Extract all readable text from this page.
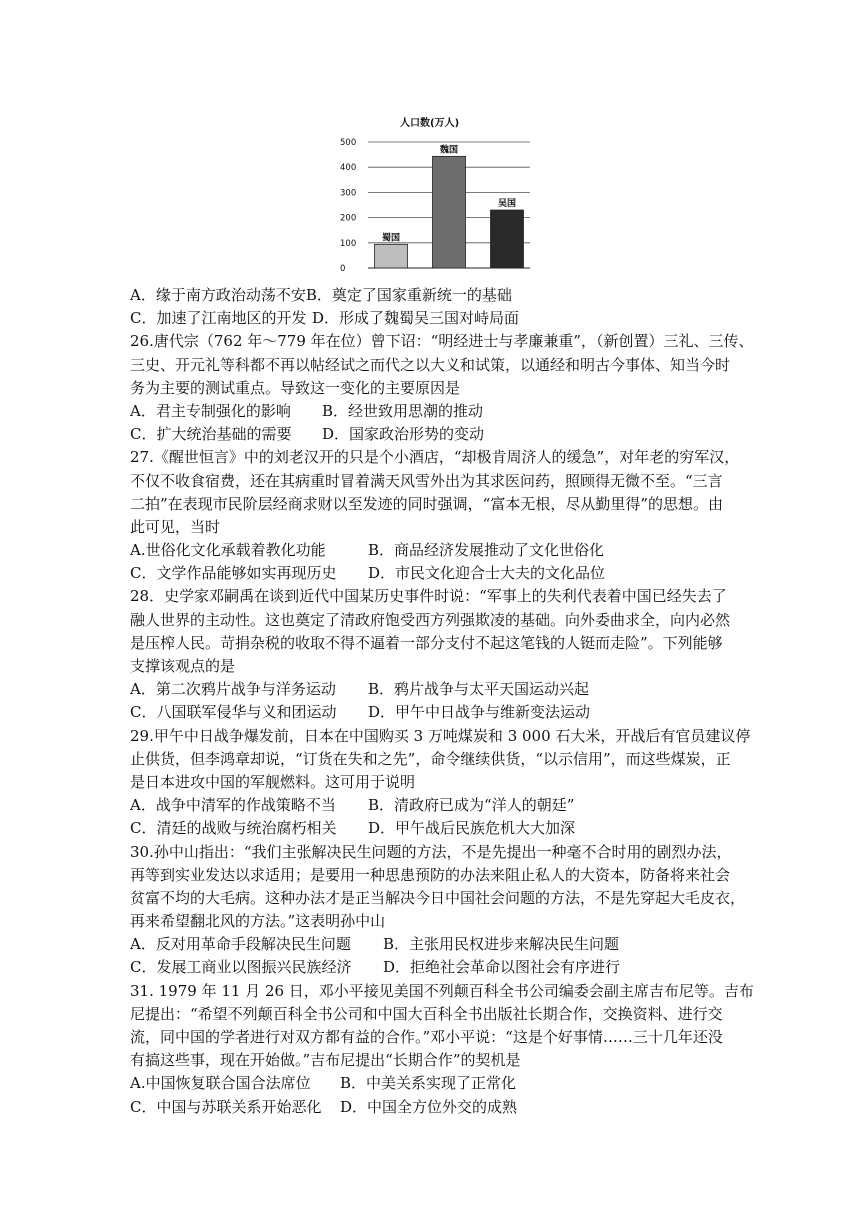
人口数(万人)
0
100
200
300
400
500
蜀国
魏国
吴国
A．缘于南方政治动荡不安B．奠定了国家重新统一的基础
C．加速了江南地区的开发 D．形成了魏蜀吴三国对峙局面
26.唐代宗（762 年～779 年在位）曾下诏：“明经进士与孝廉兼重”，（新创置）三礼、三传、
三史、开元礼等科都不再以帖经试之而代之以大义和试策，以通经和明古今事体、知当今时
务为主要的测试重点。导致这一变化的主要原因是
A．君主专制强化的影响 B．经世致用思潮的推动
C．扩大统治基础的需要 D．国家政治形势的变动
27.《醒世恒言》中的刘老汉开的只是个小酒店，“却极肯周济人的缓急”，对年老的穷军汉，
不仅不收食宿费，还在其病重时冒着满天风雪外出为其求医问药，照顾得无微不至。“三言
二拍”在表现市民阶层经商求财以至发迹的同时强调，“富本无根，尽从勤里得”的思想。由
此可见，当时
A.世俗化文化承载着教化功能	B．商品经济发展推动了文化世俗化
C．文学作品能够如实再现历史 D．市民文化迎合士大夫的文化品位
28．史学家邓嗣禹在谈到近代中国某历史事件时说：“军事上的失利代表着中国已经失去了
融人世界的主动性。这也奠定了清政府饱受西方列强欺凌的基础。向外委曲求全，向内必然
是压榨人民。苛捐杂税的收取不得不逼着一部分支付不起这笔钱的人铤而走险”。下列能够
支撑该观点的是
A．第二次鸦片战争与洋务运动 B．鸦片战争与太平天国运动兴起
C．八国联军侵华与义和团运动 D．甲午中日战争与维新变法运动
29.甲午中日战争爆发前，日本在中国购买 3 万吨煤炭和 3 000 石大米，开战后有官员建议停
止供货，但李鸿章却说，“订货在失和之先”，命令继续供货，“以示信用”，而这些煤炭，正
是日本进攻中国的军舰燃料。这可用于说明
A．战争中清军的作战策略不当 B．清政府已成为“洋人的朝廷”
C．清廷的战败与统治腐朽相关 D．甲午战后民族危机大大加深
30.孙中山指出：“我们主张解决民生问题的方法，不是先提出一种毫不合时用的剧烈办法，
再等到实业发达以求适用；是要用一种思患预防的办法来阻止私人的大资本，防备将来社会
贫富不均的大毛病。这种办法才是正当解决今日中国社会问题的方法，不是先穿起大毛皮衣，
再来希望翻北风的方法。”这表明孙中山
A．反对用革命手段解决民生问题 B．主张用民权进步来解决民生问题
C．发展工商业以图振兴民族经济 D．拒绝社会革命以图社会有序进行
31. 1979 年 11 月 26 日，邓小平接见美国不列颠百科全书公司编委会副主席吉布尼等。吉布
尼提出：“希望不列颠百科全书公司和中国大百科全书出版社长期合作，交换资料、进行交
流，同中国的学者进行对双方都有益的合作。”邓小平说：“这是个好事情……三十几年还没
有搞这些事，现在开始做。”吉布尼提出“长期合作”的契机是
A.中国恢复联合国合法席位 B．中美关系实现了正常化
C．中国与苏联关系开始恶化 D．中国全方位外交的成熟
